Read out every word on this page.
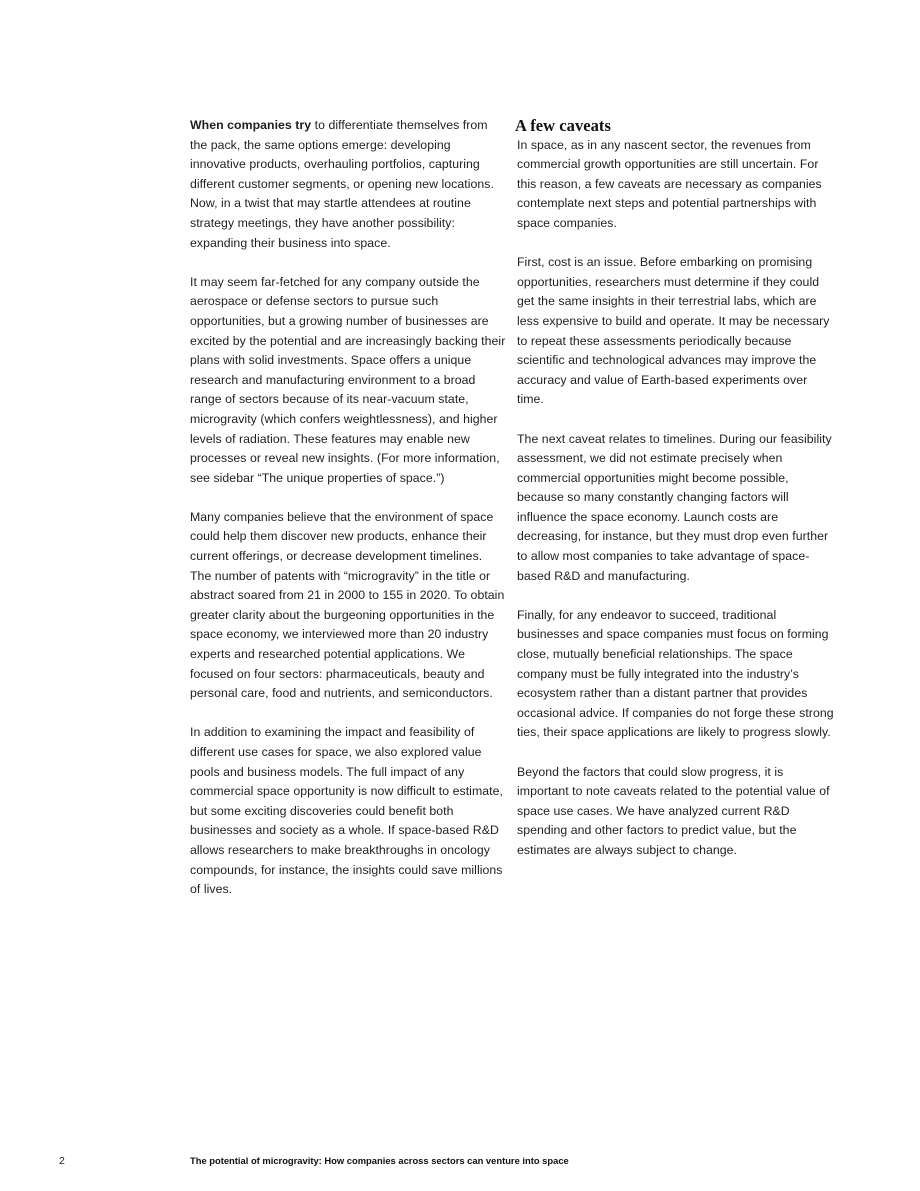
When companies try to differentiate themselves from the pack, the same options emerge: developing innovative products, overhauling portfolios, capturing different customer segments, or opening new locations. Now, in a twist that may startle attendees at routine strategy meetings, they have another possibility: expanding their business into space.

It may seem far-fetched for any company outside the aerospace or defense sectors to pursue such opportunities, but a growing number of businesses are excited by the potential and are increasingly backing their plans with solid investments. Space offers a unique research and manufacturing environment to a broad range of sectors because of its near-vacuum state, microgravity (which confers weightlessness), and higher levels of radiation. These features may enable new processes or reveal new insights. (For more information, see sidebar “The unique properties of space.”)

Many companies believe that the environment of space could help them discover new products, enhance their current offerings, or decrease development timelines. The number of patents with “microgravity” in the title or abstract soared from 21 in 2000 to 155 in 2020. To obtain greater clarity about the burgeoning opportunities in the space economy, we interviewed more than 20 industry experts and researched potential applications. We focused on four sectors: pharmaceuticals, beauty and personal care, food and nutrients, and semiconductors.

In addition to examining the impact and feasibility of different use cases for space, we also explored value pools and business models. The full impact of any commercial space opportunity is now difficult to estimate, but some exciting discoveries could benefit both businesses and society as a whole. If space-based R&D allows researchers to make breakthroughs in oncology compounds, for instance, the insights could save millions of lives.

A few caveats

In space, as in any nascent sector, the revenues from commercial growth opportunities are still uncertain. For this reason, a few caveats are necessary as companies contemplate next steps and potential partnerships with space companies.

First, cost is an issue. Before embarking on promising opportunities, researchers must determine if they could get the same insights in their terrestrial labs, which are less expensive to build and operate. It may be necessary to repeat these assessments periodically because scientific and technological advances may improve the accuracy and value of Earth-based experiments over time.

The next caveat relates to timelines. During our feasibility assessment, we did not estimate precisely when commercial opportunities might become possible, because so many constantly changing factors will influence the space economy. Launch costs are decreasing, for instance, but they must drop even further to allow most companies to take advantage of space-based R&D and manufacturing.

Finally, for any endeavor to succeed, traditional businesses and space companies must focus on forming close, mutually beneficial relationships. The space company must be fully integrated into the industry’s ecosystem rather than a distant partner that provides occasional advice. If companies do not forge these strong ties, their space applications are likely to progress slowly.

Beyond the factors that could slow progress, it is important to note caveats related to the potential value of space use cases. We have analyzed current R&D spending and other factors to predict value, but the estimates are always subject to change.

2	The potential of microgravity: How companies across sectors can venture into space
